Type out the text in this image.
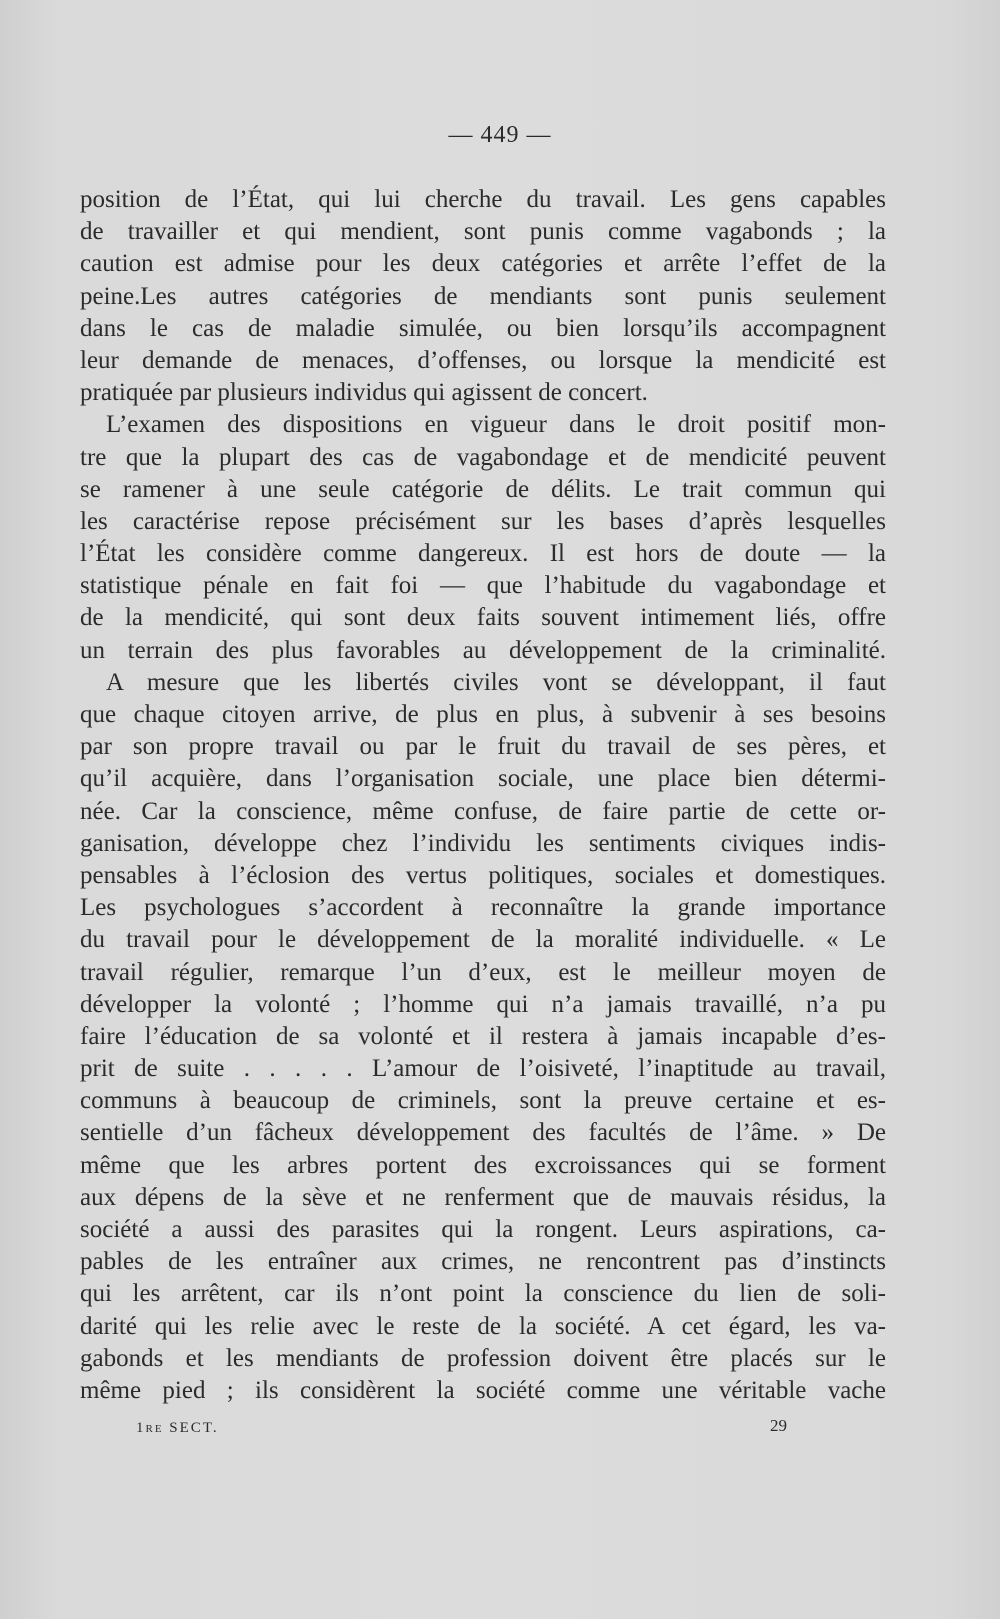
— 449 —
position de l’État, qui lui cherche du travail. Les gens capables
de travailler et qui mendient, sont punis comme vagabonds ; la
caution est admise pour les deux catégories et arrête l’effet de la
peine.Les autres catégories de mendiants sont punis seulement
dans le cas de maladie simulée, ou bien lorsqu’ils accompagnent
leur demande de menaces, d’offenses, ou lorsque la mendicité est
pratiquée par plusieurs individus qui agissent de concert.
L’examen des dispositions en vigueur dans le droit positif mon-
tre que la plupart des cas de vagabondage et de mendicité peuvent
se ramener à une seule catégorie de délits. Le trait commun qui
les caractérise repose précisément sur les bases d’après lesquelles
l’État les considère comme dangereux. Il est hors de doute — la
statistique pénale en fait foi — que l’habitude du vagabondage et
de la mendicité, qui sont deux faits souvent intimement liés, offre
un terrain des plus favorables au développement de la criminalité.
A mesure que les libertés civiles vont se développant, il faut
que chaque citoyen arrive, de plus en plus, à subvenir à ses besoins
par son propre travail ou par le fruit du travail de ses pères, et
qu’il acquière, dans l’organisation sociale, une place bien détermi-
née. Car la conscience, même confuse, de faire partie de cette or-
ganisation, développe chez l’individu les sentiments civiques indis-
pensables à l’éclosion des vertus politiques, sociales et domestiques.
Les psychologues s’accordent à reconnaître la grande importance
du travail pour le développement de la moralité individuelle. « Le
travail régulier, remarque l’un d’eux, est le meilleur moyen de
développer la volonté ; l’homme qui n’a jamais travaillé, n’a pu
faire l’éducation de sa volonté et il restera à jamais incapable d’es-
prit de suite . . . . . L’amour de l’oisiveté, l’inaptitude au travail,
communs à beaucoup de criminels, sont la preuve certaine et es-
sentielle d’un fâcheux développement des facultés de l’âme. » De
même que les arbres portent des excroissances qui se forment
aux dépens de la sève et ne renferment que de mauvais résidus, la
société a aussi des parasites qui la rongent. Leurs aspirations, ca-
pables de les entraîner aux crimes, ne rencontrent pas d’instincts
qui les arrêtent, car ils n’ont point la conscience du lien de soli-
darité qui les relie avec le reste de la société. A cet égard, les va-
gabonds et les mendiants de profession doivent être placés sur le
même pied ; ils considèrent la société comme une véritable vache
1re SECT.	29
